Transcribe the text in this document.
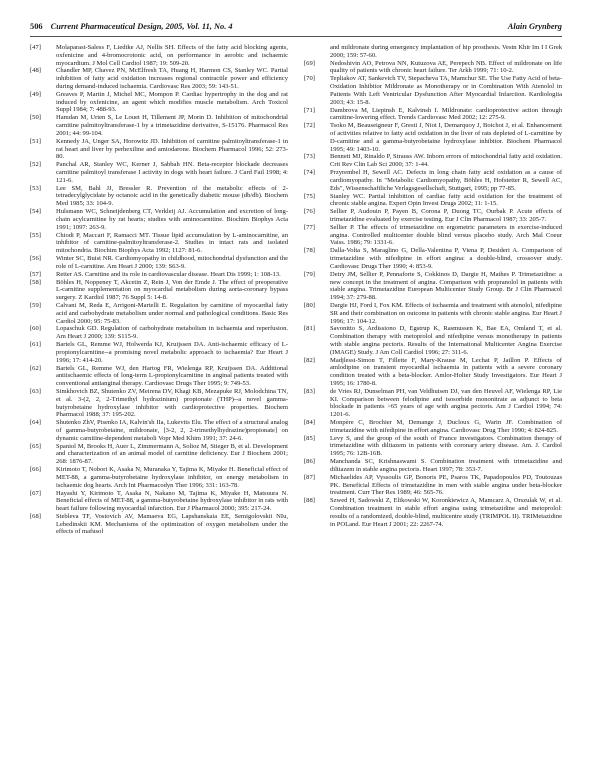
506 Current Pharmaceutical Design, 2005, Vol. 11, No. 4	Alain Grynberg
[47]	Molaparast-Saless F, Liedtke AJ, Nellis SH. Effects of the fatty acid blocking agents, oxfenicine and 4-bromocrotonic acid, on performance in aerobic and ischaemic myocardium. J Mol Cell Cardiol 1987; 19: 509-20.
[48]	Chandler MP, Chavez PN, McElfresh TA, Huang H, Harmon CS, Stanley WC. Partial inhibition of fatty acid oxidation increases regional contractile power and efficiency during demand-induced ischaemia. Cardiovasc Res 2003; 59: 143-51.
[49]	Greaves P, Martin J, Michel MC, Mompon P. Cardiac hypertrophy in the dog and rat induced by oxfenicine, an agent which modifies muscle metabolism. Arch Toxicol Suppl 1984; 7: 488-93.
[50]	Hamdan M, Urien S, Le Louet H, Tillement JP, Morin D. Inhibition of mitochondrial carnitine palmitoyltransferase-1 by a trimetazidine derivative, S-15176. Pharmacol Res 2001; 44: 99-104.
[51]	Kennedy JA, Unger SA, Horowitz JD. Inhibition of carnitine palmitoyltransferase-1 in rat heart and liver by perhexiline and amiodarone. Biochem Pharmacol 1996; 52: 273-80.
[52]	Panchal AR, Stanley WC, Kerner J, Sabbah HN. Beta-receptor blockade decreases carnitine palmitoyl transferase I activity in dogs with heart failure. J Card Fail 1998; 4: 121-6.
[53]	Lee SM, Bahl JJ, Bressler R. Prevention of the metabolic effects of 2-tetradecylglycidate by octanoic acid in the genetically diabetic mouse (db/db). Biochem Med 1985; 33: 104-9.
[54]	Hulsmann WC, Schneijdenberg CT, Verkleij AJ. Accumulation and excretion of long-chain acylcarnitine by rat hearts; studies with aminocarnitine. Biochim Biophys Acta 1991; 1097: 263-9.
[55]	Chiodi P, Maccari F, Ramacci MT. Tissue lipid accumulation by L-aminocarnitine, an inhibitor of carnitine-palmitoyltransferase-2. Studies in intact rats and isolated mitochondria. Biochim Biophys Acta 1992; 1127: 81-6.
[56]	Winter SC, Buist NR. Cardiomyopathy in childhood, mitochondrial dysfunction and the role of L-carnitine. Am Heart J 2000; 139: S63-9.
[57]	Retter AS. Carnitine and its role in cardiovascular disease. Heart Dis 1999; 1: 108-13.
[58]	Böhles H, Noppeney T, Akcetin Z, Rein J, Von der Emde J. The effect of preoperative L-carnitine supplementation on myocardial metabolism during aorta-coronary bypass surgery. Z Kardiol 1987; 76 Suppl 5: 14-8.
[59]	Calvani M, Reda E, Arrigoni-Martelli E. Regulation by carnitine of myocardial fatty acid and carbohydrate metabolism under normal and pathological conditions. Basic Res Cardiol 2000; 95: 75-83.
[60]	Lopaschuk GD. Regulation of carbohydrate metabolism in ischaemia and reperfusion. Am Heart J 2000; 139: S115-9.
[61]	Bartels GL, Remme WJ, Holwerda KJ, Kruijssen DA. Anti-ischaemic efficacy of L-propionylcarnitine--a promising novel metabolic approach to ischaemia? Eur Heart J 1996; 17: 414-20.
[62]	Bartels GL, Remme WJ, den Hartog FR, Wielenga RP, Kruijssen DA. Additional antiischaemic effects of long-term L-propionylcarnitine in anginal patients treated with conventional antianginal therapy. Cardiovasc Drugs Ther 1995; 9: 749-53.
[63]	Simkhovich BZ, Shutenko ZV, Meirena DV, Khagi KB, Mezapuke RJ, Molodchina TN, et al. 3-(2, 2, 2-Trimethyl hydrazinium) propionate (THP)--a novel gamma-butyrobetaine hydroxylase inhibitor with cardioprotective properties. Biochem Pharmacol 1988; 37: 195-202.
[64]	Shutenko ZhV, Pisenko IA, Kalvin'sh IIa, Lukevits Elu. The effect of a structural analog of gamma-butyrobetaine, mildronate, [3-2, 2, 2-trimethylhydrazine)propionate] on dynamic carnitine-dependent metaboli Vopr Med Khim 1991; 37: 24-6.
[65]	Spaniol M, Brooks H, Auer L, Zimmermann A, Solioz M, Stieger B, et al. Development and characterization of an animal model of carnitine deficiency. Eur J Biochem 2001; 268: 1876-87.
[66]	Kirimoto T, Nobori K, Asaka N, Muranaka Y, Tajima K, Miyake H. Beneficial effect of MET-88, a gamma-butyrobetaine hydroxylase inhibitor, on energy metabolism in ischaemic dog hearts. Arch Int Pharmacodyn Ther 1996; 331: 163-78.
[67]	Hayashi Y, Kirimoto T, Asaka N, Nakano M, Tajima K, Miyake H, Matsuura N. Beneficial effects of MET-88, a gamma-butyrobetaine hydroxylase inhibitor in rats with heart failure following myocardial infarction. Eur J Pharmacol 2000; 395: 217-24.
[68]	Stebleva TF, Vostovich AV, Mamaeva EG, Lapshanskaia EE, Semigolovskii NIu, Lebedinskii KM. Mechanisms of the optimization of oxygen metabolism under the effects of mafusol
and mildronate during emergency implantation of hip prosthesis. Vestn Khir Im I I Grek 2000; 159: 57-60.
[69]	Nedoshivin AO, Petrova NN, Kutuzova AE, Perepech NB. Effect of mildronate on life quality of patients with chronic heart failure. Ter Arkh 1999; 71: 10-2.
[70]	Tepliakov AT, Sankevich TV, Stepacheva TA, Mamchur SE. The Use Fatty Acid of beta-Oxidation Inhibitor Mildronate as Monotherapy or in Combination With Atenolol in Patients With Left Ventricular Dysfunction After Myocardial Infarction. Kardiologiia 2003; 43: 15-8.
[71]	Dambrova M, Liepinsh E, Kalvinsh I. Mildronate: cardioprotective action through carnitine-lowering effect. Trends Cardiovasc Med 2002; 12: 275-9.
[72]	Tsoko M, Beauseigneur F, Gresti J, Niot I, Demarquoy J, Boichot J, et al. Enhancement of activities relative to fatty acid oxidation in the liver of rats depleted of L-carnitine by D-carnitine and a gamma-butyrobetaine hydroxylase inhibitor. Biochem Pharmacol 1995; 49: 1403-10.
[73]	Bennett MJ, Rinaldo P, Strauss AW. Inborn errors of mitochondrial fatty acid oxidation. Crit Rev Clin Lab Sci 2000; 37: 1-44.
[74]	Przyrembel H, Sewell AC. Defects in long chain fatty acid oxidation as a cause of cardiomyopathy. In "Metabolic Cardiomyopathy, Böhles H, Hofstetter R, Sewell AC, Eds", Wissenschaftliche Verlagsgesellschaft, Stuttgart, 1995; pp 77-85.
[75]	Stanley WC. Partial inhibition of cardiac fatty acid oxidation for the treatment of chronic stable angina. Expert Opin Invest Drugs 2002; 11: 1-15.
[76]	Sellier P, Audouin P, Payen B, Corona P, Duong TC, Ourbak P. Acute effects of trimetazidine evaluated by exercise testing. Eur J Clin Pharmacol 1987; 33: 205-7.
[77]	Sellier P. The effects of trimetazidine on ergometric parameters in exercise-induced angina. Controlled multicenter double blind versus placebo study. Arch Mal Coeur Vaiss. 1986; 79: 1331-6.
[78]	Dalla-Volta S, Maraglino G, Della-Valentina P, Viena P, Desideri A. Comparison of trimetazidine with nifedipine in effort angina: a double-blind, crossover study. Cardiovasc Drugs Ther 1990; 4: 853-9.
[79]	Detry JM, Sellier P, Pennaforte S, Cokkinos D, Dargie H, Mathes P. Trimetazidine: a new concept in the treatment of angina. Comparison with propranolol in patients with stable angina. Trimetazidine European Multicenter Study Group. Br J Clin Pharmacol 1994; 37: 279-88.
[80]	Dargie HJ, Ford I, Fox KM. Effects of ischaemia and treatment with atenolol, nifedipine SR and their combination on outcome in patients with chronic stable angina. Eur Heart J 1996; 17: 104-12.
[81]	Savonitto S, Ardissiono D, Egstrup K, Rasmussen K, Bae EA, Omland T, et al. Combination therapy with metoprolol and nifedipine versus monotherapy in patients with stable angina pectoris. Results of the International Multicenter Angina Exercise (IMAGE) Study. J Am Coll Cardiol 1996; 27: 311-6.
[82]	Madjlessi-Simon T, Fillette F, Mary-Krause M, Lechat P, Jaillon P. Effects of amlodipine on transient myocardial ischaemia in patients with a severe coronary condition treated with a beta-blocker. Amlor-Holter Study Investigators. Eur Heart J 1995; 16: 1780-8.
[83]	de Vries RJ, Dunselman PH, van Veldhuisen DJ, van den Heuvel AF, Wielenga RP, Lie KI. Comparison between felodipine and isosorbide mononitrate as adjunct to beta blockade in patients >65 years of age with angina pectoris. Am J Cardiol 1994; 74: 1201-6.
[84]	Monpère C, Brochier M, Demange J, Ducloux G, Warin JF. Combination of trimetazidine with nifedipine in effort angina. Cardiovasc Drug Ther 1990; 4: 824-825.
[85]	Levy S, and the group of the south of France investigators. Combination therapy of trimetazidine with diltiazem in patients with coronary artery disease. Am. J. Cardiol 1995; 76: 12B-16B.
[86]	Manchanda SC, Krishnaswami S. Combination treatment with trimetazidine and diltiazem in stable angina pectoris. Heart 1997; 78: 353-7.
[87]	Michaelides AP, Vyssoulis GP, Bonoris PE, Psaros TK, Papadopoulos PD, Toutouzas PK. Beneficial Effects of trimetazidine in men with stable angina under beta-blocker treatment. Curr Ther Res 1989; 46: 565-76.
[88]	Szwed H, Sadowski Z, Elikowski W, Koronkiewicz A, Mamcarz A, Orszulak W, et al. Combination treatment in stable effort angina using trimetazidine and metoprolol: results of a randomized, double-blind, multicentre study (TRIMPOL II). TRIMetazidine in POLand. Eur Heart J 2001; 22: 2267-74.
